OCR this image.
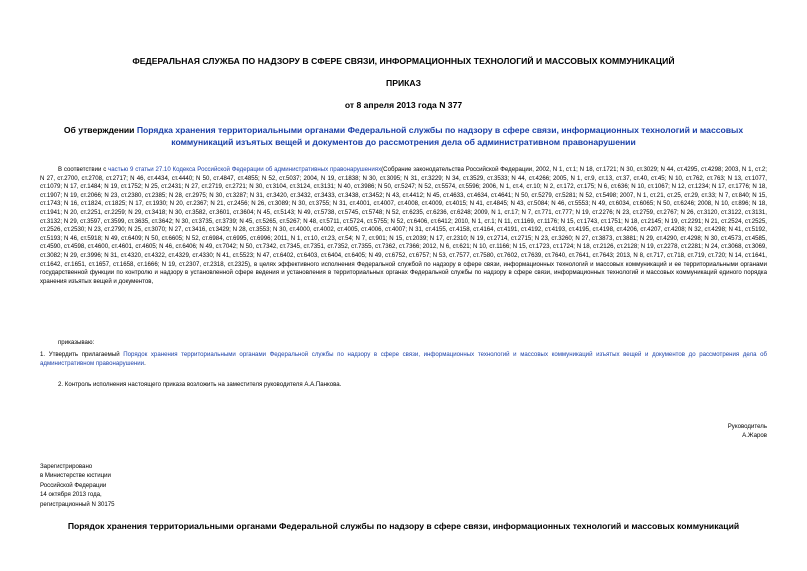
ФЕДЕРАЛЬНАЯ СЛУЖБА ПО НАДЗОРУ В СФЕРЕ СВЯЗИ, ИНФОРМАЦИОННЫХ ТЕХНОЛОГИЙ И МАССОВЫХ КОММУНИКАЦИЙ
ПРИКАЗ
от 8 апреля 2013 года N 377
Об утверждении Порядка хранения территориальными органами Федеральной службы по надзору в сфере связи, информационных технологий и массовых коммуникаций изъятых вещей и документов до рассмотрения дела об административном правонарушении
В соответствии с частью 9 статьи 27.10 Кодекса Российской Федерации об административных правонарушениях(Собрание законодательства Российской Федерации, 2002, N 1, ст.1; N 18, ст.1721; N 30, ст.3029; N 44, ст.4295, ст.4298; 2003, N 1, ст.2; N 27, ст.2700, ст.2708, ст.2717; N 46, ст.4434, ст.4440; N 50, ст.4847, ст.4855; N 52, ст.5037; 2004, N 19, ст.1838; N 30, ст.3095; N 31, ст.3229; N 34, ст.3529, ст.3533; N 44, ст.4266; 2005, N 1, ст.9, ст.13, ст.37, ст.40, ст.45; N 10, ст.762, ст.763; N 13, ст.1077, ст.1079; N 17, ст.1484; N 19, ст.1752; N 25, ст.2431; N 27, ст.2719, ст.2721; N 30, ст.3104, ст.3124, ст.3131; N 40, ст.3986; N 50, ст.5247; N 52, ст.5574, ст.5596; 2006, N 1, ст.4, ст.10; N 2, ст.172, ст.175; N 6, ст.636; N 10, ст.1067; N 12, ст.1234; N 17, ст.1776; N 18, ст.1907; N 19, ст.2066; N 23, ст.2380, ст.2385; N 28, ст.2975; N 30, ст.3287; N 31, ст.3420, ст.3432, ст.3433, ст.3438, ст.3452; N 43, ст.4412; N 45, ст.4633, ст.4634, ст.4641; N 50, ст.5279, ст.5281; N 52, ст.5498; 2007, N 1, ст.21, ст.25, ст.29, ст.33; N 7, ст.840; N 15, ст.1743; N 16, ст.1824, ст.1825; N 17, ст.1930; N 20, ст.2367; N 21, ст.2456; N 26, ст.3089; N 30, ст.3755; N 31, ст.4001, ст.4007, ст.4008, ст.4009, ст.4015; N 41, ст.4845; N 43, ст.5084; N 46, ст.5553; N 49, ст.6034, ст.6065; N 50, ст.6246; 2008, N 10, ст.896; N 18, ст.1941; N 20, ст.2251, ст.2259; N 29, ст.3418; N 30, ст.3582, ст.3601, ст.3604; N 45, ст.5143; N 49, ст.5738, ст.5745, ст.5748; N 52, ст.6235, ст.6236, ст.6248; 2009, N 1, ст.17; N 7, ст.771, ст.777; N 19, ст.2276; N 23, ст.2759, ст.2767; N 26, ст.3120, ст.3122, ст.3131, ст.3132; N 29, ст.3597, ст.3599, ст.3635, ст.3642; N 30, ст.3735, ст.3739; N 45, ст.5265, ст.5267; N 48, ст.5711, ст.5724, ст.5755; N 52, ст.6406, ст.6412; 2010, N 1, ст.1; N 11, ст.1169, ст.1176; N 15, ст.1743, ст.1751; N 18, ст.2145; N 19, ст.2291; N 21, ст.2524, ст.2525, ст.2526, ст.2530; N 23, ст.2790; N 25, ст.3070; N 27, ст.3416, ст.3429; N 28, ст.3553; N 30, ст.4000, ст.4002, ст.4005, ст.4006, ст.4007; N 31, ст.4155, ст.4158, ст.4164, ст.4191, ст.4192, ст.4193, ст.4195, ст.4198, ст.4206, ст.4207, ст.4208; N 32, ст.4298; N 41, ст.5192, ст.5193; N 46, ст.5918; N 49, ст.6409; N 50, ст.6605; N 52, ст.6984, ст.6995, ст.6996; 2011, N 1, ст.10, ст.23, ст.54; N 7, ст.901; N 15, ст.2039; N 17, ст.2310; N 19, ст.2714, ст.2715; N 23, ст.3260; N 27, ст.3873, ст.3881; N 29, ст.4290, ст.4298; N 30, ст.4573, ст.4585, ст.4590, ст.4598, ст.4600, ст.4601, ст.4605; N 46, ст.6406; N 49, ст.7042; N 50, ст.7342, ст.7345, ст.7351, ст.7352, ст.7355, ст.7362, ст.7366; 2012, N 6, ст.621; N 10, ст.1166; N 15, ст.1723, ст.1724; N 18, ст.2126, ст.2128; N 19, ст.2278, ст.2281; N 24, ст.3068, ст.3069, ст.3082; N 29, ст.3996; N 31, ст.4320, ст.4322, ст.4329, ст.4330; N 41, ст.5523; N 47, ст.6402, ст.6403, ст.6404, ст.6405; N 49, ст.6752, ст.6757; N 53, ст.7577, ст.7580, ст.7602, ст.7639, ст.7640, ст.7641, ст.7643; 2013, N 8, ст.717, ст.718, ст.719, ст.720; N 14, ст.1641, ст.1642, ст.1651, ст.1657, ст.1658, ст.1666; N 19, ст.2307, ст.2318, ст.2325), в целях эффективного исполнения Федеральной службой по надзору в сфере связи, информационных технологий и массовых коммуникаций и ее территориальными органами государственной функции по контролю и надзору в установленной сфере ведения и установления в территориальных органах Федеральной службы по надзору в сфере связи, информационных технологий и массовых коммуникаций единого порядка хранения изъятых вещей и документов,
приказываю:
1. Утвердить прилагаемый Порядок хранения территориальными органами Федеральной службы по надзору в сфере связи, информационных технологий и массовых коммуникаций изъятых вещей и документов до рассмотрения дела об административном правонарушении.
2. Контроль исполнения настоящего приказа возложить на заместителя руководителя А.А.Панкова.
Руководитель
А.Жаров
Зарегистрировано
в Министерстве юстиции
Российской Федерации
14 октября 2013 года,
регистрационный N 30175
Порядок хранения территориальными органами Федеральной службы по надзору в сфере связи, информационных технологий и массовых коммуникаций
